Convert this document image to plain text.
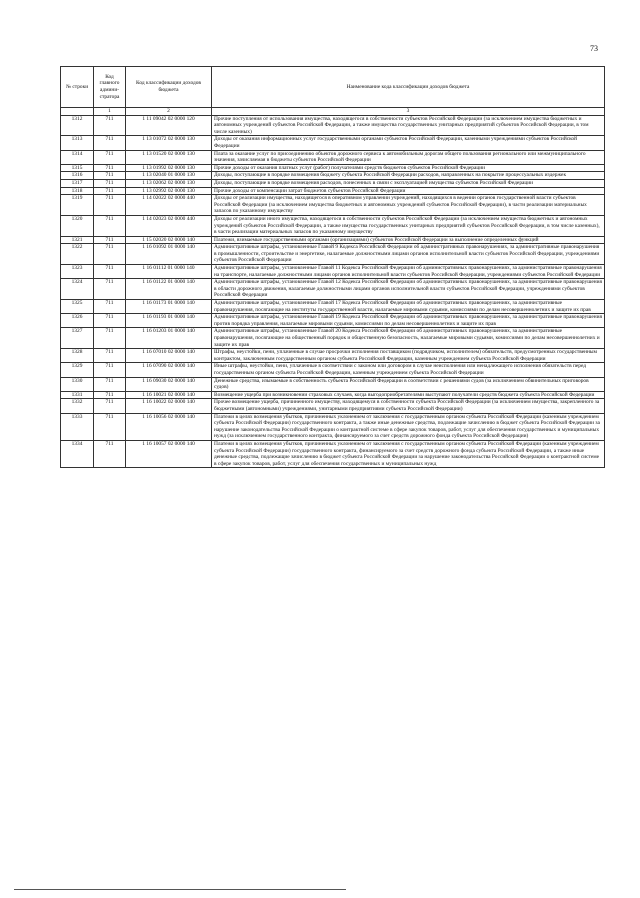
73
№ строки	Код главного админи-стратора	Код классификации доходов бюджета	Наименование кода классификации доходов бюджета
	1	2	3
1312	711	1 11 09042 02 0000 120	Прочие поступления от использования имущества, находящегося в собственности субъектов Российской Федерации (за исключением имущества бюджетных и автономных учреждений субъектов Российской Федерации, а также имущества государственных унитарных предприятий субъектов Российской Федерации, в том числе казенных)
1313	711	1 13 01072 02 0000 130	Доходы от оказания информационных услуг государственными органами субъектов Российской Федерации, казенными учреждениями субъектов Российской Федерации
1314	711	1 13 01520 02 0000 130	Плата за оказание услуг по присоединению объектов дорожного сервиса к автомобильным дорогам общего пользования регионального или межмуниципального значения, зачисляемая в бюджеты субъектов Российской Федерации
1315	711	1 13 01992 02 0000 130	Прочие доходы от оказания платных услуг (работ) получателями средств бюджетов субъектов Российской Федерации
1316	711	1 13 02040 01 0000 130	Доходы, поступающие в порядке возмещения бюджету субъекта Российской Федерации расходов, направленных на покрытие процессуальных издержек
1317	711	1 13 02062 02 0000 130	Доходы, поступающие в порядке возмещения расходов, понесенных в связи с эксплуатацией имущества субъектов Российской Федерации
1318	711	1 13 02992 02 0000 130	Прочие доходы от компенсации затрат бюджетов субъектов Российской Федерации
1319	711	1 14 02022 02 0000 440	Доходы от реализации имущества, находящегося в оперативном управлении учреждений, находящихся в ведении органов государственной власти субъектов Российской Федерации (за исключением имущества бюджетных и автономных учреждений субъектов Российской Федерации), в части реализации материальных запасов по указанному имуществу
1320	711	1 14 02023 02 0000 440	Доходы от реализации иного имущества, находящегося в собственности субъектов Российской Федерации (за исключением имущества бюджетных и автономных учреждений субъектов Российской Федерации, а также имущества государственных унитарных предприятий субъектов Российской Федерации, в том числе казенных), в части реализации материальных запасов по указанному имуществу
1321	711	1 15 02020 02 0000 140	Платежи, взимаемые государственными органами (организациями) субъектов Российской Федерации за выполнение определенных функций
1322	711	1 16 01092 01 0000 140	Административные штрафы, установленные Главой 9 Кодекса Российской Федерации об административных правонарушениях, за административные правонарушения в промышленности, строительстве и энергетике, налагаемые должностными лицами органов исполнительной власти субъектов Российской Федерации, учреждениями субъектов Российской Федерации
1323	711	1 16 01112 01 0000 140	Административные штрафы, установленные Главой 11 Кодекса Российской Федерации об административных правонарушениях, за административные правонарушения на транспорте, налагаемые должностными лицами органов исполнительной власти субъектов Российской Федерации, учреждениями субъектов Российской Федерации
1324	711	1 16 01122 01 0000 140	Административные штрафы, установленные Главой 12 Кодекса Российской Федерации об административных правонарушениях, за административные правонарушения в области дорожного движения, налагаемые должностными лицами органов исполнительной власти субъектов Российской Федерации, учреждениями субъектов Российской Федерации
1325	711	1 16 01173 01 0000 140	Административные штрафы, установленные Главой 17 Кодекса Российской Федерации об административных правонарушениях, за административные правонарушения, посягающие на институты государственной власти, налагаемые мировыми судьями, комиссиями по делам несовершеннолетних и защите их прав
1326	711	1 16 01193 01 0000 140	Административные штрафы, установленные Главой 19 Кодекса Российской Федерации об административных правонарушениях, за административные правонарушения против порядка управления, налагаемые мировыми судьями, комиссиями по делам несовершеннолетних и защите их прав
1327	711	1 16 01203 01 0000 140	Административные штрафы, установленные Главой 20 Кодекса Российской Федерации об административных правонарушениях, за административные правонарушения, посягающие на общественный порядок и общественную безопасность, налагаемые мировыми судьями, комиссиями по делам несовершеннолетних и защите их прав
1328	711	1 16 07010 02 0000 140	Штрафы, неустойки, пени, уплаченные в случае просрочки исполнения поставщиком (подрядчиком, исполнителем) обязательств, предусмотренных государственным контрактом, заключенным государственным органом субъекта Российской Федерации, казенным учреждением субъекта Российской Федерации
1329	711	1 16 07090 02 0000 140	Иные штрафы, неустойки, пени, уплаченные в соответствии с законом или договором в случае неисполнения или ненадлежащего исполнения обязательств перед государственным органом субъекта Российской Федерации, казенным учреждением субъекта Российской Федерации
1330	711	1 16 09030 02 0000 140	Денежные средства, изымаемые в собственность субъекта Российской Федерации в соответствии с решениями судов (за исключением обвинительных приговоров судов)
1331	711	1 16 10021 02 0000 140	Возмещение ущерба при возникновении страховых случаев, когда выгодоприобретателями выступают получатели средств бюджета субъекта Российской Федерации
1332	711	1 16 10022 02 0000 140	Прочее возмещение ущерба, причиненного имуществу, находящемуся в собственности субъекта Российской Федерации (за исключением имущества, закрепленного за бюджетными (автономными) учреждениями, унитарными предприятиями субъекта Российской Федерации)
1333	711	1 16 10056 02 0000 140	Платежи в целях возмещения убытков, причиненных уклонением от заключения с государственным органом субъекта Российской Федерации (казенным учреждением субъекта Российской Федерации) государственного контракта, а также иные денежные средства, подлежащие зачислению в бюджет субъекта Российской Федерации за нарушение законодательства Российской Федерации о контрактной системе в сфере закупок товаров, работ, услуг для обеспечения государственных и муниципальных нужд (за исключением государственного контракта, финансируемого за счет средств дорожного фонда субъекта Российской Федерации)
1334	711	1 16 10057 02 0000 140	Платежи в целях возмещения убытков, причиненных уклонением от заключения с государственным органом субъекта Российской Федерации (казенным учреждением субъекта Российской Федерации) государственного контракта, финансируемого за счет средств дорожного фонда субъекта Российской Федерации, а также иные денежные средства, подлежащие зачислению в бюджет субъекта Российской Федерации за нарушение законодательства Российской Федерации о контрактной системе в сфере закупок товаров, работ, услуг для обеспечения государственных и муниципальных нужд
